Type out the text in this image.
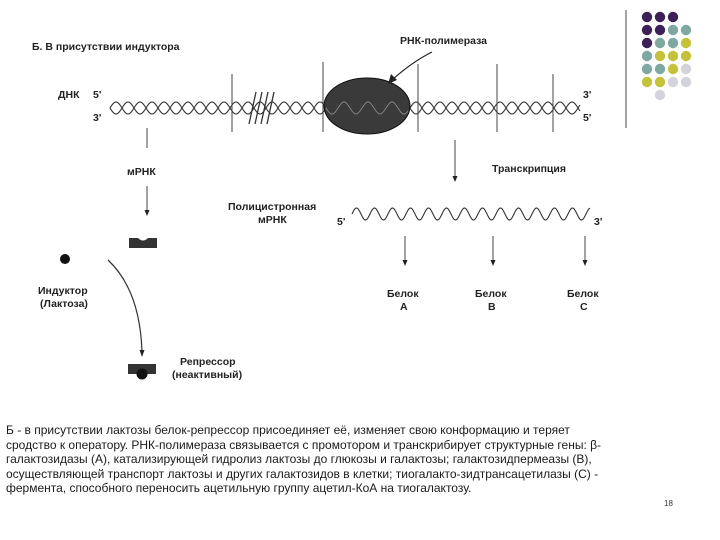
Б. В присутствии индуктора
ДНК 5'
3'
3'
5'
РНК-полимераза
мРНК
Индуктор
(Лактоза)
Репрессор
(неактивный)
Транскрипция
Полицистронная
мРНК	5'	3'
Белок
A
Белок
B
Белок
C
Б - в присутствии лактозы белок-репрессор присоединяет её, изменяет свою конформацию и теряет
сродство к оператору. РНК-полимераза связывается с промотором и транскрибирует структурные гены: β-
галактозидазы (А), катализирующей гидролиз лактозы до глюкозы и галактозы; галактозидпермеазы (В),
осуществляющей транспорт лактозы и других галактозидов в клетки; тиогалакто-зидтрансацетилазы (С) -
фермента, способного переносить ацетильную группу ацетил-КоА на тиогалактозу.
18
